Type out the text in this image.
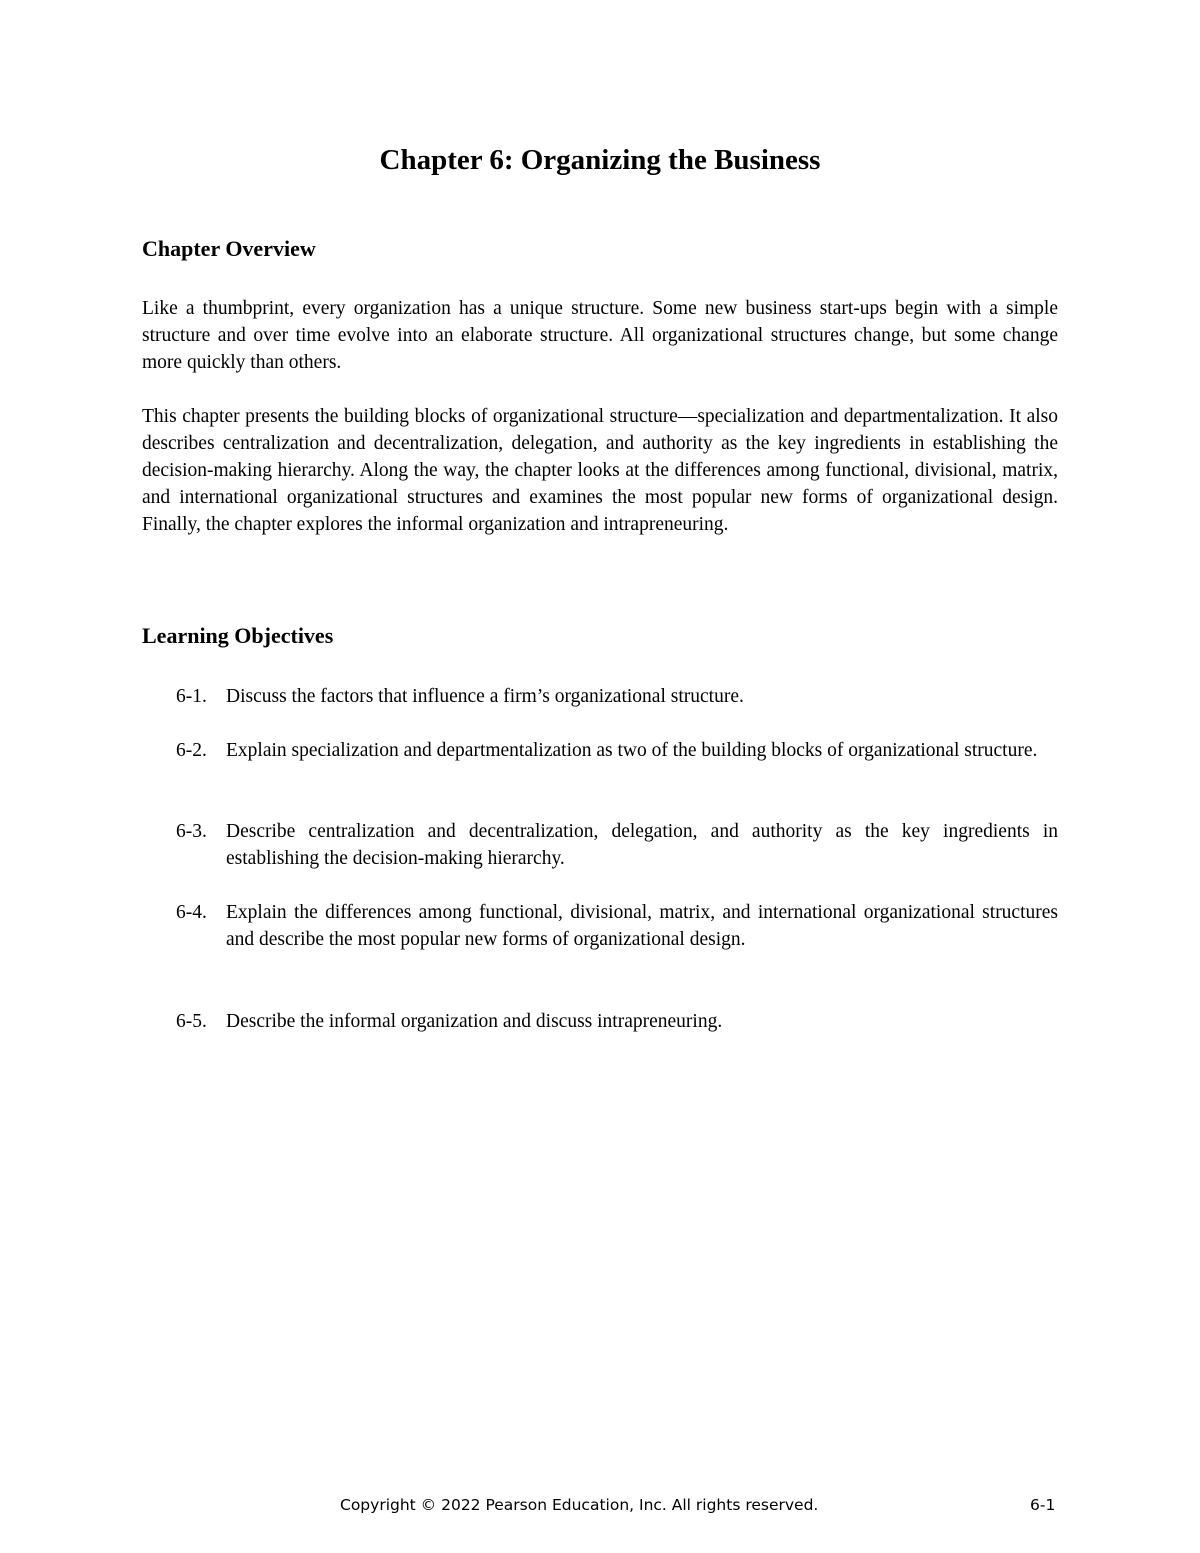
Chapter 6: Organizing the Business
Chapter Overview

Like a thumbprint, every organization has a unique structure. Some new business start-ups begin with a simple structure and over time evolve into an elaborate structure. All organizational structures change, but some change more quickly than others.

This chapter presents the building blocks of organizational structure—specialization and departmentalization. It also describes centralization and decentralization, delegation, and authority as the key ingredients in establishing the decision-making hierarchy. Along the way, the chapter looks at the differences among functional, divisional, matrix, and international organizational structures and examines the most popular new forms of organizational design. Finally, the chapter explores the informal organization and intrapreneuring.

Learning Objectives
6-1. Discuss the factors that influence a firm’s organizational structure.
6-2. Explain specialization and departmentalization as two of the building blocks of organizational structure.
6-3. Describe centralization and decentralization, delegation, and authority as the key ingredients in establishing the decision-making hierarchy.
6-4. Explain the differences among functional, divisional, matrix, and international organizational structures and describe the most popular new forms of organizational design.
6-5. Describe the informal organization and discuss intrapreneuring.
Copyright © 2022 Pearson Education, Inc. All rights reserved.	6-1
